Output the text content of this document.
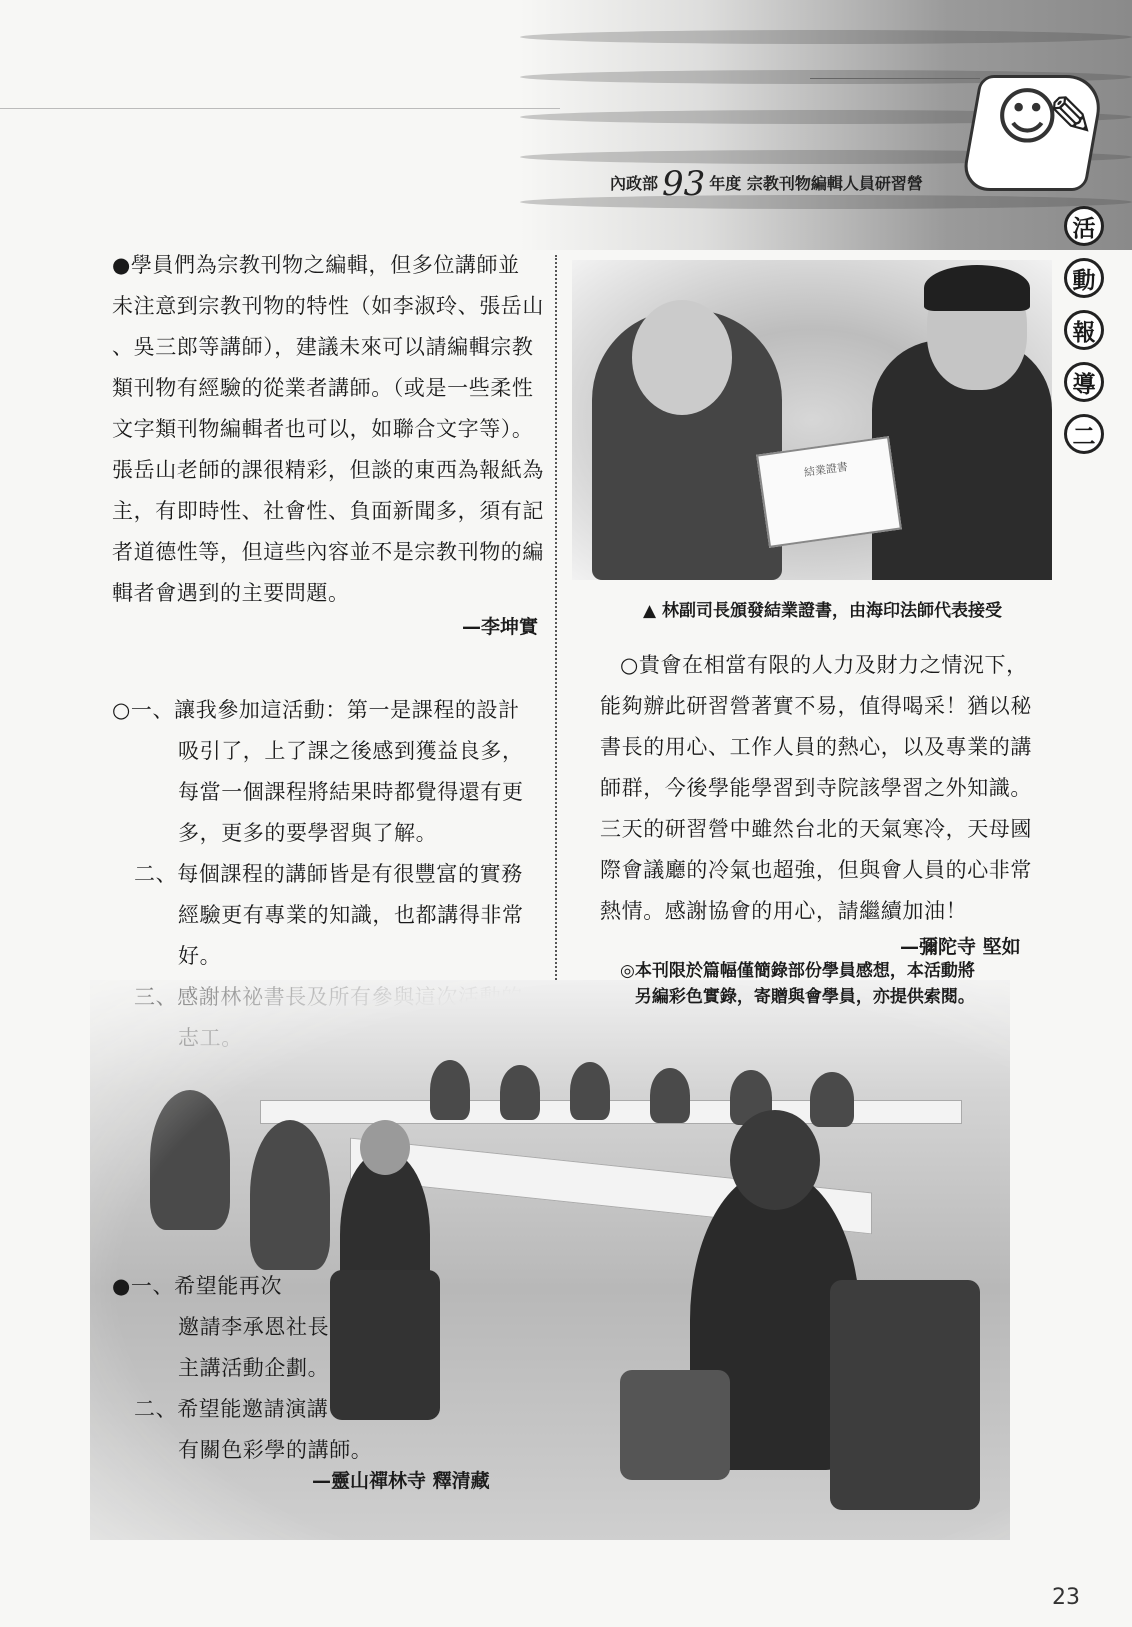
☺
✎
內政部 93 年度 宗教刊物編輯人員研習營
活
動
報
導
二
●學員們為宗教刊物之編輯，但多位講師並
未注意到宗教刊物的特性（如李淑玲、張岳山
、吳三郎等講師），建議未來可以請編輯宗教
類刊物有經驗的從業者講師。（或是一些柔性
文字類刊物編輯者也可以，如聯合文字等）。
張岳山老師的課很精彩，但談的東西為報紙為
主，有即時性、社會性、負面新聞多，須有記
者道德性等，但這些內容並不是宗教刊物的編
輯者會遇到的主要問題。
—李坤實
○一、讓我參加這活動：第一是課程的設計
吸引了，上了課之後感到獲益良多，
每當一個課程將結果時都覺得還有更
多，更多的要學習與了解。
二、每個課程的講師皆是有很豐富的實務
經驗更有專業的知識，也都講得非常
好。
結業證書
▲ 林副司長頒發結業證書，由海印法師代表接受
○貴會在相當有限的人力及財力之情況下，
能夠辦此研習營著實不易，值得喝采！猶以秘
書長的用心、工作人員的熱心，以及專業的講
師群，今後學能學習到寺院該學習之外知識。
三天的研習營中雖然台北的天氣寒冷，天母國
際會議廳的冷氣也超強，但與會人員的心非常
熱情。感謝協會的用心，請繼續加油！
—彌陀寺 堅如
◎本刊限於篇幅僅簡錄部份學員感想，本活動將
另編彩色實錄，寄贈與會學員，亦提供索閱。
●一、希望能再次
邀請李承恩社長
主講活動企劃。
二、希望能邀請演講
有關色彩學的講師。
—靈山禪林寺 釋清藏
23
